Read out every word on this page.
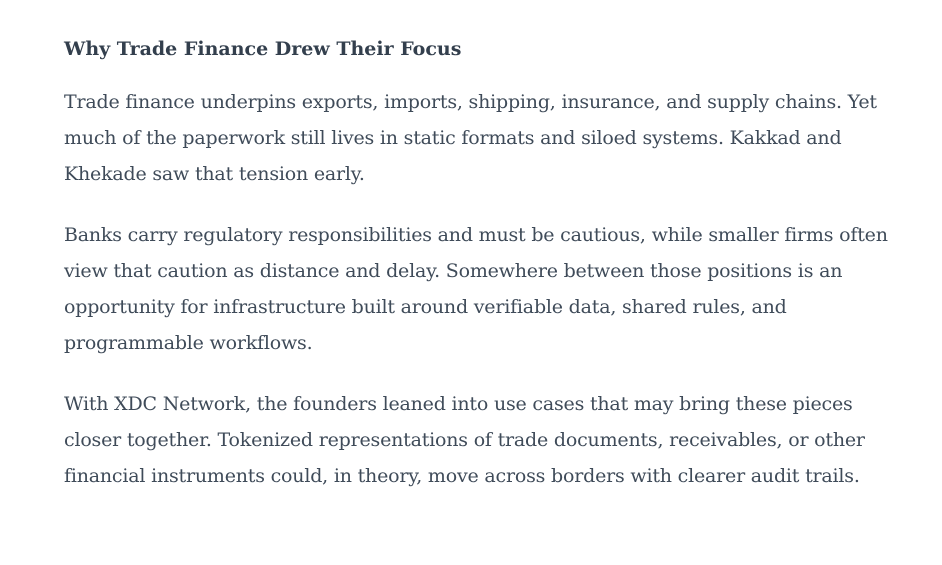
Why Trade Finance Drew Their Focus

Trade finance underpins exports, imports, shipping, insurance, and supply chains. Yet much of the paperwork still lives in static formats and siloed systems. Kakkad and Khekade saw that tension early.

Banks carry regulatory responsibilities and must be cautious, while smaller firms often view that caution as distance and delay. Somewhere between those positions is an opportunity for infrastructure built around verifiable data, shared rules, and programmable workflows.

With XDC Network, the founders leaned into use cases that may bring these pieces closer together. Tokenized representations of trade documents, receivables, or other financial instruments could, in theory, move across borders with clearer audit trails.
